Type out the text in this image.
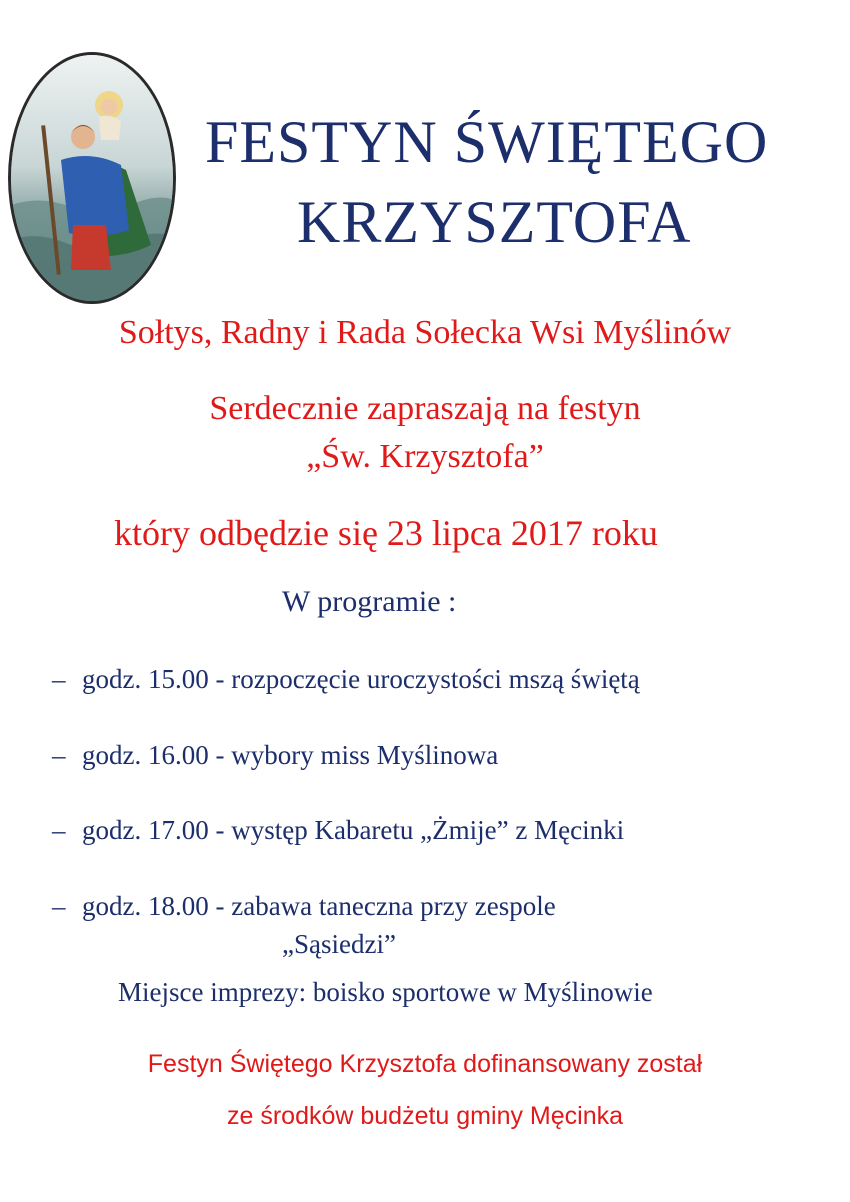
FESTYN ŚWIĘTEGO
KRZYSZTOFA
Sołtys, Radny i Rada Sołecka Wsi Myślinów
Serdecznie zapraszają na festyn
„Św. Krzysztofa”
który odbędzie się 23 lipca 2017 roku
W programie :
– godz. 15.00 - rozpoczęcie uroczystości mszą świętą
– godz. 16.00 - wybory miss Myślinowa
– godz. 17.00 - występ Kabaretu „Żmije” z Męcinki
– godz. 18.00 - zabawa taneczna przy zespole
„Sąsiedzi”
Miejsce imprezy: boisko sportowe w Myślinowie
Festyn Świętego Krzysztofa dofinansowany został
ze środków budżetu gminy Męcinka
